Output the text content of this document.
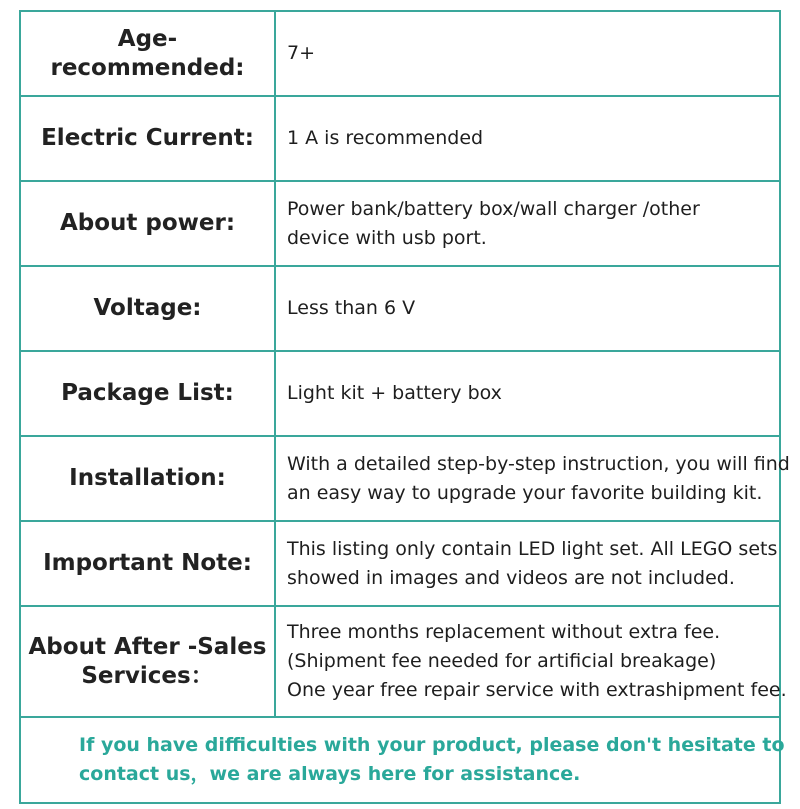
Age-recommended:	7+

Electric Current:	1 A is recommended

About power:	Power bank/battery box/wall charger /other
device with usb port.

Voltage:	Less than 6 V

Package List:	Light kit + battery box

Installation:	With a detailed step-by-step instruction, you will find
an easy way to upgrade your favorite building kit.

Important Note:	This listing only contain LED light set. All LEGO sets
showed in images and videos are not included.

About After -Sales
Services：	Three months replacement without extra fee.
(Shipment fee needed for artificial breakage)
One year free repair service with extrashipment fee.

If you have difficulties with your product, please don't hesitate to
contact us，we are always here for assistance.	
